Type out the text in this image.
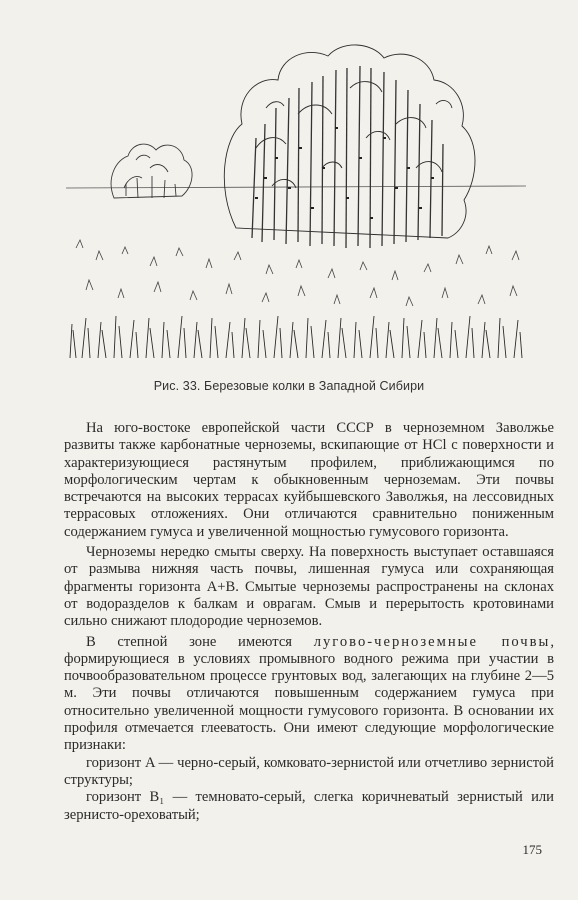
Рис. 33. Березовые колки в Западной Сибири

На юго-востоке европейской части СССР в черноземном Заволжье развиты также карбонатные черноземы, вскипающие от HCl с поверхности и характеризующиеся растянутым профилем, приближающимся по морфологическим чертам к обыкновенным черноземам. Эти почвы встречаются на высоких террасах куйбышевского Заволжья, на лессовидных террасовых отложениях. Они отличаются сравнительно пониженным содержанием гумуса и увеличенной мощностью гумусового горизонта.

Черноземы нередко смыты сверху. На поверхность выступает оставшаяся от размыва нижняя часть почвы, лишенная гумуса или сохраняющая фрагменты горизонта A+B. Смытые черноземы распространены на склонах от водоразделов к балкам и оврагам. Смыв и перерытость кротовинами сильно снижают плодородие черноземов.

В степной зоне имеются лугово-черноземные почвы, формирующиеся в условиях промывного водного режима при участии в почвообразовательном процессе грунтовых вод, залегающих на глубине 2—5 м. Эти почвы отличаются повышенным содержанием гумуса при относительно увеличенной мощности гумусового горизонта. В основании их профиля отмечается глееватость. Они имеют следующие морфологические признаки:

горизонт A — черно-серый, комковато-зернистой или отчетливо зернистой структуры;

горизонт B₁ — темновато-серый, слегка коричневатый зернистый или зернисто-ореховатый;

175
